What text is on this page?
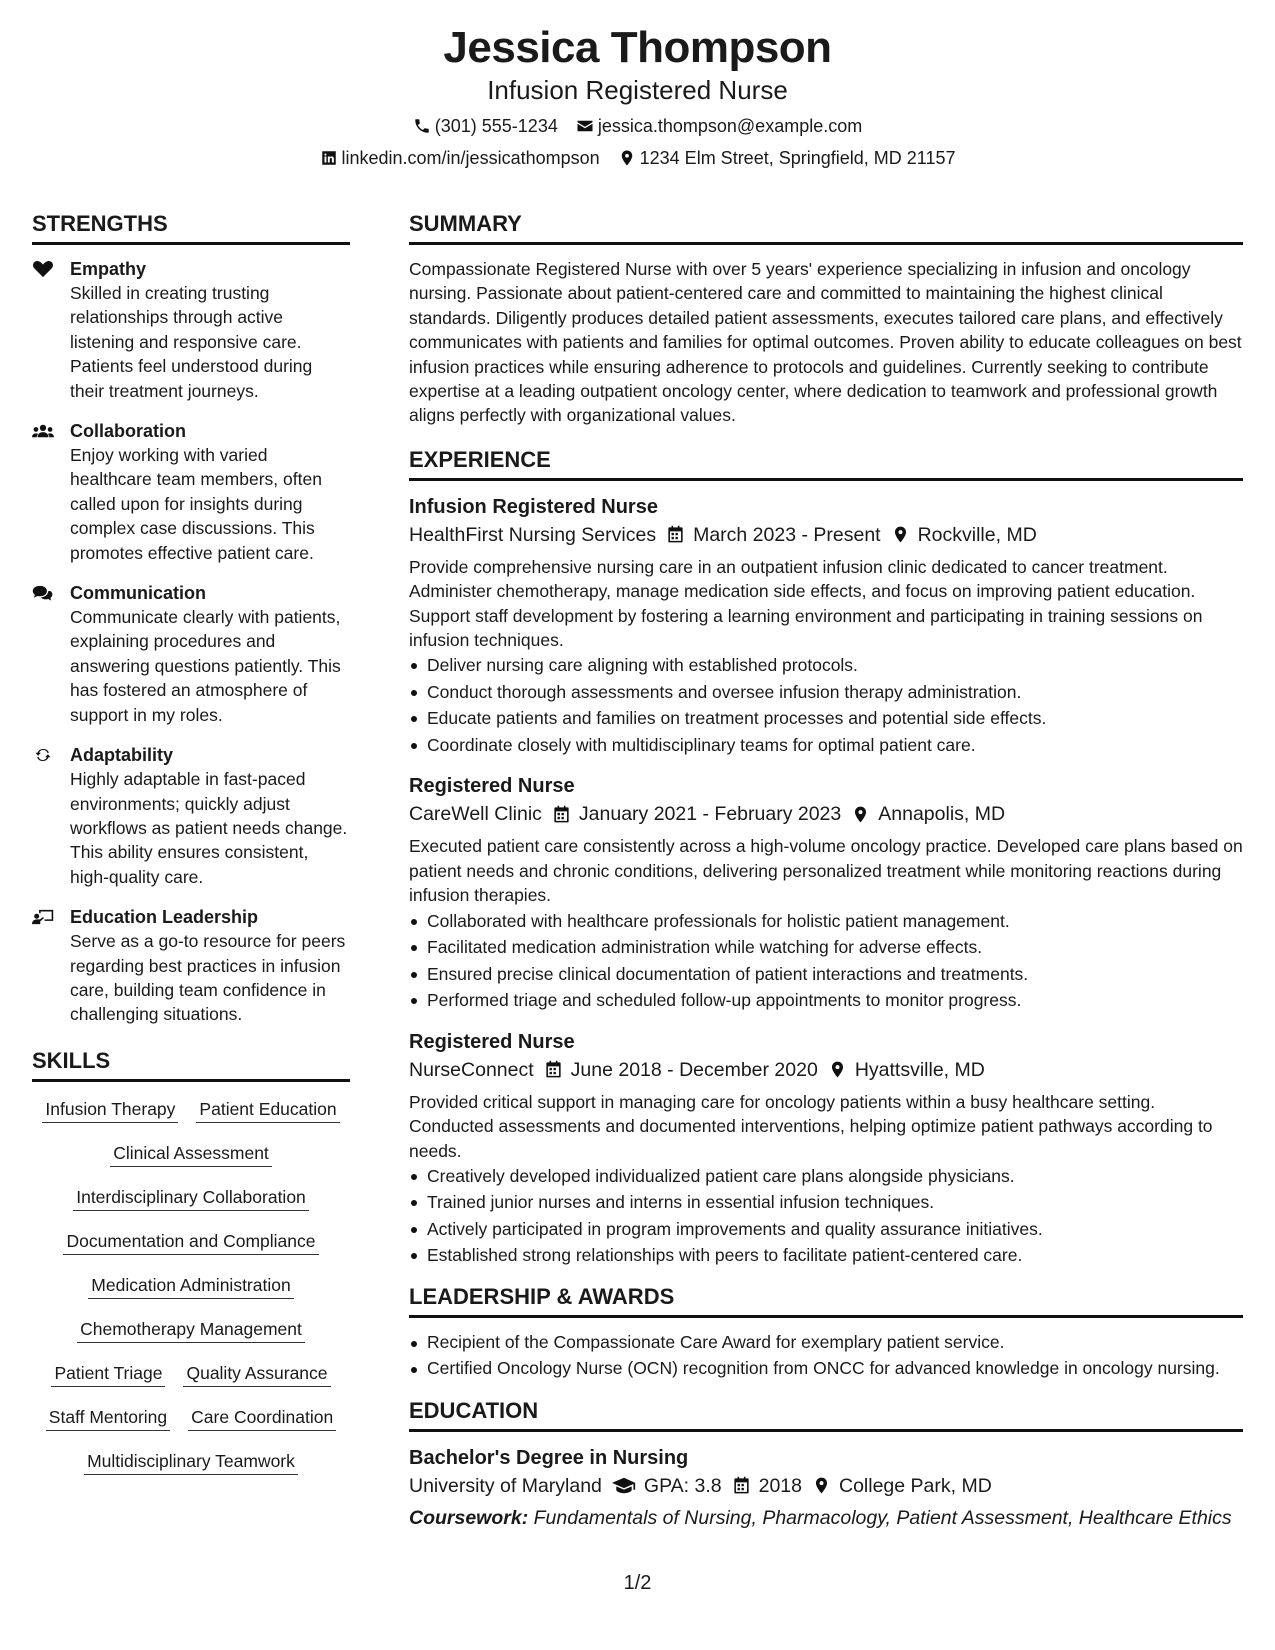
Jessica Thompson
Infusion Registered Nurse
(301) 555-1234 jessica.thompson@example.com
linkedin.com/in/jessicathompson 1234 Elm Street, Springfield, MD 21157
STRENGTHS
Empathy
Skilled in creating trusting relationships through active listening and responsive care. Patients feel understood during their treatment journeys.
Collaboration
Enjoy working with varied healthcare team members, often called upon for insights during complex case discussions. This promotes effective patient care.
Communication
Communicate clearly with patients, explaining procedures and answering questions patiently. This has fostered an atmosphere of support in my roles.
Adaptability
Highly adaptable in fast-paced environments; quickly adjust workflows as patient needs change. This ability ensures consistent, high-quality care.
Education Leadership
Serve as a go-to resource for peers regarding best practices in infusion care, building team confidence in challenging situations.
SKILLS
Infusion Therapy Patient Education
Clinical Assessment
Interdisciplinary Collaboration
Documentation and Compliance
Medication Administration
Chemotherapy Management
Patient Triage Quality Assurance
Staff Mentoring Care Coordination
Multidisciplinary Teamwork
SUMMARY
Compassionate Registered Nurse with over 5 years' experience specializing in infusion and oncology nursing. Passionate about patient-centered care and committed to maintaining the highest clinical standards. Diligently produces detailed patient assessments, executes tailored care plans, and effectively communicates with patients and families for optimal outcomes. Proven ability to educate colleagues on best infusion practices while ensuring adherence to protocols and guidelines. Currently seeking to contribute expertise at a leading outpatient oncology center, where dedication to teamwork and professional growth aligns perfectly with organizational values.
EXPERIENCE
Infusion Registered Nurse
HealthFirst Nursing Services March 2023 - Present Rockville, MD
Provide comprehensive nursing care in an outpatient infusion clinic dedicated to cancer treatment. Administer chemotherapy, manage medication side effects, and focus on improving patient education. Support staff development by fostering a learning environment and participating in training sessions on infusion techniques.
Deliver nursing care aligning with established protocols.
Conduct thorough assessments and oversee infusion therapy administration.
Educate patients and families on treatment processes and potential side effects.
Coordinate closely with multidisciplinary teams for optimal patient care.
Registered Nurse
CareWell Clinic January 2021 - February 2023 Annapolis, MD
Executed patient care consistently across a high-volume oncology practice. Developed care plans based on patient needs and chronic conditions, delivering personalized treatment while monitoring reactions during infusion therapies.
Collaborated with healthcare professionals for holistic patient management.
Facilitated medication administration while watching for adverse effects.
Ensured precise clinical documentation of patient interactions and treatments.
Performed triage and scheduled follow-up appointments to monitor progress.
Registered Nurse
NurseConnect June 2018 - December 2020 Hyattsville, MD
Provided critical support in managing care for oncology patients within a busy healthcare setting. Conducted assessments and documented interventions, helping optimize patient pathways according to needs.
Creatively developed individualized patient care plans alongside physicians.
Trained junior nurses and interns in essential infusion techniques.
Actively participated in program improvements and quality assurance initiatives.
Established strong relationships with peers to facilitate patient-centered care.
LEADERSHIP & AWARDS
Recipient of the Compassionate Care Award for exemplary patient service.
Certified Oncology Nurse (OCN) recognition from ONCC for advanced knowledge in oncology nursing.
EDUCATION
Bachelor's Degree in Nursing
University of Maryland GPA: 3.8 2018 College Park, MD
Coursework: Fundamentals of Nursing, Pharmacology, Patient Assessment, Healthcare Ethics
1/2
